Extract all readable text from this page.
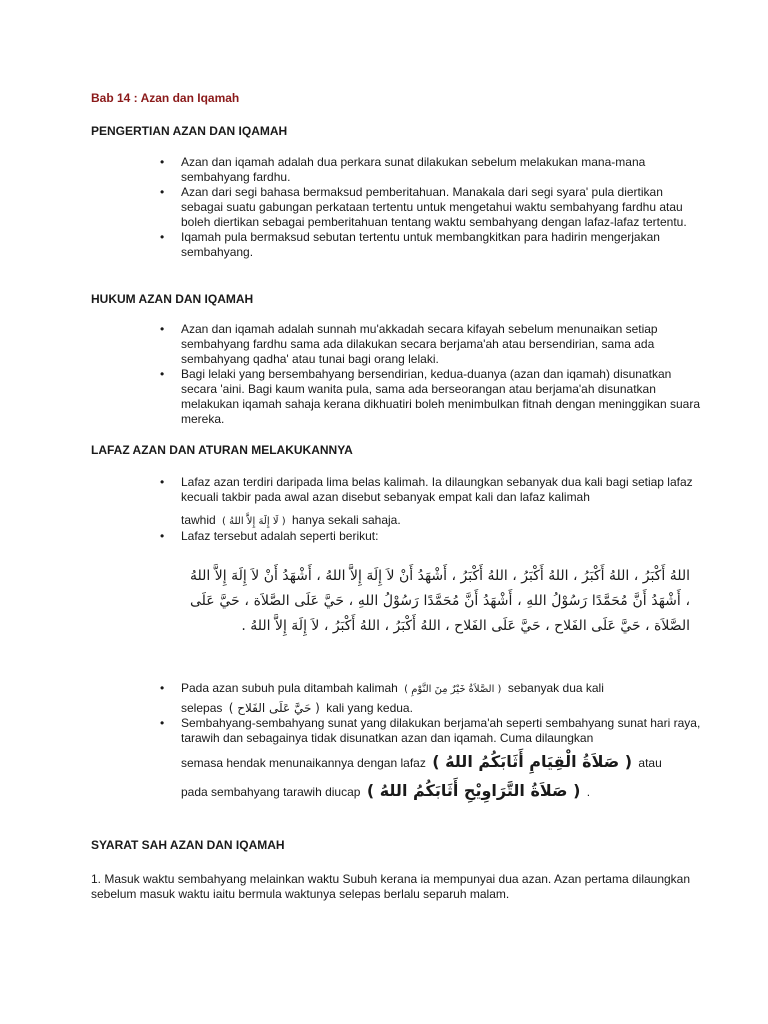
Bab 14 : Azan dan Iqamah
PENGERTIAN AZAN DAN IQAMAH
• Azan dan iqamah adalah dua perkara sunat dilakukan sebelum melakukan mana-mana sembahyang fardhu.
• Azan dari segi bahasa bermaksud pemberitahuan. Manakala dari segi syara' pula diertikan sebagai suatu gabungan perkataan tertentu untuk mengetahui waktu sembahyang fardhu atau boleh diertikan sebagai pemberitahuan tentang waktu sembahyang dengan lafaz-lafaz tertentu.
• Iqamah pula bermaksud sebutan tertentu untuk membangkitkan para hadirin mengerjakan sembahyang.
HUKUM AZAN DAN IQAMAH
• Azan dan iqamah adalah sunnah mu'akkadah secara kifayah sebelum menunaikan setiap sembahyang fardhu sama ada dilakukan secara berjama'ah atau bersendirian, sama ada sembahyang qadha' atau tunai bagi orang lelaki.
• Bagi lelaki yang bersembahyang bersendirian, kedua-duanya (azan dan iqamah) disunatkan secara 'aini. Bagi kaum wanita pula, sama ada berseorangan atau berjama'ah disunatkan melakukan iqamah sahaja kerana dikhuatiri boleh menimbulkan fitnah dengan meninggikan suara mereka.
LAFAZ AZAN DAN ATURAN MELAKUKANNYA
• Lafaz azan terdiri daripada lima belas kalimah. Ia dilaungkan sebanyak dua kali bagi setiap lafaz kecuali takbir pada awal azan disebut sebanyak empat kali dan lafaz kalimah
tawhid ( لَا إِلَهَ إِلاَّ اللهُ ) hanya sekali sahaja.
• Lafaz tersebut adalah seperti berikut:
اللهُ أَكْبَرُ ، اللهُ أَكْبَرُ ، اللهُ أَكْبَرُ ، اللهُ أَكْبَرُ ، أَشْهَدُ أَنْ لاَ إِلَهَ إِلاَّ اللهُ ، أَشْهَدُ أَنْ لاَ إِلَهَ إِلاَّ اللهُ ، أَشْهَدُ أَنَّ مُحَمَّدًا رَسُوْلُ اللهِ ، أَشْهَدُ أَنَّ مُحَمَّدًا رَسُوْلُ اللهِ ، حَيَّ عَلَى الصَّلاَة ، حَيَّ عَلَى الصَّلاَة ، حَيَّ عَلَى الفَلاح ، حَيَّ عَلَى الفَلاح ، اللهُ أَكْبَرُ ، اللهُ أَكْبَرُ ، لاَ إِلَهَ إِلاَّ اللهُ .
• Pada azan subuh pula ditambah kalimah ( الصَّلاَةُ خَيْرٌ مِنَ النَّوْمِ ) sebanyak dua kali
selepas ( حَيَّ عَلَى الفَلاح ) kali yang kedua.
• Sembahyang-sembahyang sunat yang dilakukan berjama'ah seperti sembahyang sunat hari raya, tarawih dan sebagainya tidak disunatkan azan dan iqamah. Cuma dilaungkan
semasa hendak menunaikannya dengan lafaz ( صَلاَةُ الْقِيَامِ أَثَابَكُمُ اللهُ ) atau
pada sembahyang tarawih diucap ( صَلاَةُ التَّرَاوِيْحِ أَثَابَكُمُ اللهُ ) .
SYARAT SAH AZAN DAN IQAMAH
1. Masuk waktu sembahyang melainkan waktu Subuh kerana ia mempunyai dua azan. Azan pertama dilaungkan sebelum masuk waktu iaitu bermula waktunya selepas berlalu separuh malam.
